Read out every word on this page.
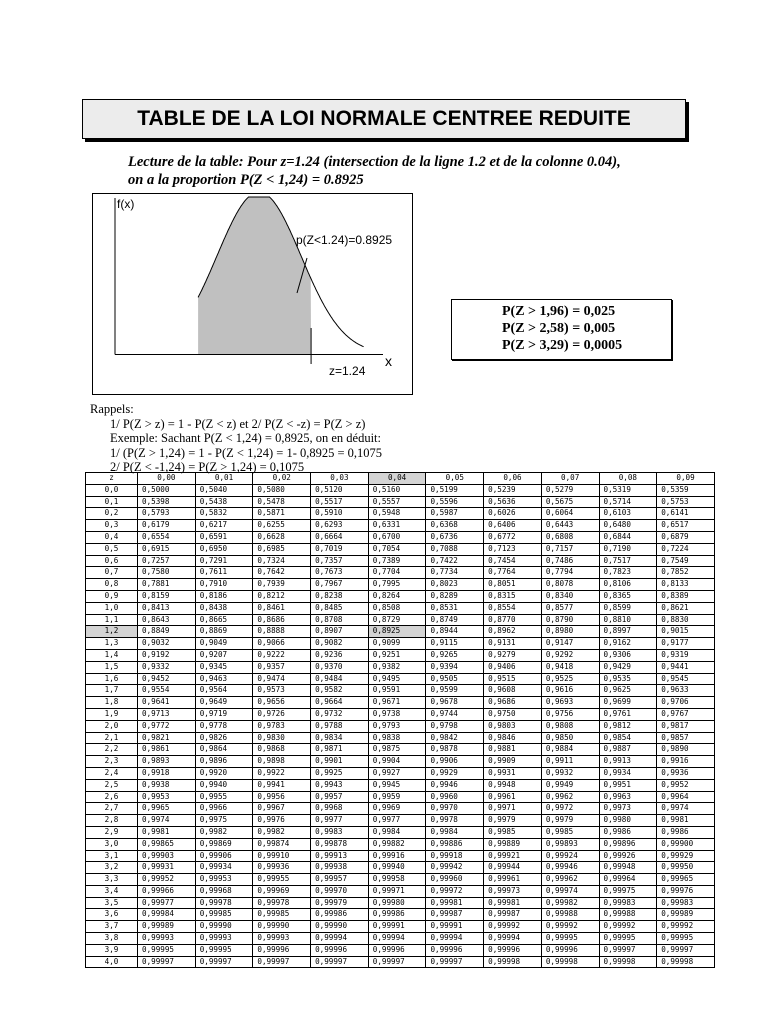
TABLE DE LA LOI NORMALE CENTREE REDUITE
Lecture de la table: Pour z=1.24 (intersection de la ligne 1.2 et de la colonne 0.04),
on a la proportion P(Z < 1,24) = 0.8925
f(x)
p(Z<1.24)=0.8925
z=1.24
x
P(Z > 1,96) = 0,025
P(Z > 2,58) = 0,005
P(Z > 3,29) = 0,0005
Rappels:
1/ P(Z > z) = 1 - P(Z < z) et 2/ P(Z < -z) = P(Z > z)
Exemple: Sachant P(Z < 1,24) = 0,8925, on en déduit:
1/ (P(Z > 1,24) = 1 - P(Z < 1,24) = 1- 0,8925 = 0,1075
2/ P(Z < -1,24) = P(Z > 1,24) = 0,1075
z	0,00	0,01	0,02	0,03	0,04	0,05	0,06	0,07	0,08	0,09
0,0	0,5000	0,5040	0,5080	0,5120	0,5160	0,5199	0,5239	0,5279	0,5319	0,5359
0,1	0,5398	0,5438	0,5478	0,5517	0,5557	0,5596	0,5636	0,5675	0,5714	0,5753
0,2	0,5793	0,5832	0,5871	0,5910	0,5948	0,5987	0,6026	0,6064	0,6103	0,6141
0,3	0,6179	0,6217	0,6255	0,6293	0,6331	0,6368	0,6406	0,6443	0,6480	0,6517
0,4	0,6554	0,6591	0,6628	0,6664	0,6700	0,6736	0,6772	0,6808	0,6844	0,6879
0,5	0,6915	0,6950	0,6985	0,7019	0,7054	0,7088	0,7123	0,7157	0,7190	0,7224
0,6	0,7257	0,7291	0,7324	0,7357	0,7389	0,7422	0,7454	0,7486	0,7517	0,7549
0,7	0,7580	0,7611	0,7642	0,7673	0,7704	0,7734	0,7764	0,7794	0,7823	0,7852
0,8	0,7881	0,7910	0,7939	0,7967	0,7995	0,8023	0,8051	0,8078	0,8106	0,8133
0,9	0,8159	0,8186	0,8212	0,8238	0,8264	0,8289	0,8315	0,8340	0,8365	0,8389
1,0	0,8413	0,8438	0,8461	0,8485	0,8508	0,8531	0,8554	0,8577	0,8599	0,8621
1,1	0,8643	0,8665	0,8686	0,8708	0,8729	0,8749	0,8770	0,8790	0,8810	0,8830
1,2	0,8849	0,8869	0,8888	0,8907	0,8925	0,8944	0,8962	0,8980	0,8997	0,9015
1,3	0,9032	0,9049	0,9066	0,9082	0,9099	0,9115	0,9131	0,9147	0,9162	0,9177
1,4	0,9192	0,9207	0,9222	0,9236	0,9251	0,9265	0,9279	0,9292	0,9306	0,9319
1,5	0,9332	0,9345	0,9357	0,9370	0,9382	0,9394	0,9406	0,9418	0,9429	0,9441
1,6	0,9452	0,9463	0,9474	0,9484	0,9495	0,9505	0,9515	0,9525	0,9535	0,9545
1,7	0,9554	0,9564	0,9573	0,9582	0,9591	0,9599	0,9608	0,9616	0,9625	0,9633
1,8	0,9641	0,9649	0,9656	0,9664	0,9671	0,9678	0,9686	0,9693	0,9699	0,9706
1,9	0,9713	0,9719	0,9726	0,9732	0,9738	0,9744	0,9750	0,9756	0,9761	0,9767
2,0	0,9772	0,9778	0,9783	0,9788	0,9793	0,9798	0,9803	0,9808	0,9812	0,9817
2,1	0,9821	0,9826	0,9830	0,9834	0,9838	0,9842	0,9846	0,9850	0,9854	0,9857
2,2	0,9861	0,9864	0,9868	0,9871	0,9875	0,9878	0,9881	0,9884	0,9887	0,9890
2,3	0,9893	0,9896	0,9898	0,9901	0,9904	0,9906	0,9909	0,9911	0,9913	0,9916
2,4	0,9918	0,9920	0,9922	0,9925	0,9927	0,9929	0,9931	0,9932	0,9934	0,9936
2,5	0,9938	0,9940	0,9941	0,9943	0,9945	0,9946	0,9948	0,9949	0,9951	0,9952
2,6	0,9953	0,9955	0,9956	0,9957	0,9959	0,9960	0,9961	0,9962	0,9963	0,9964
2,7	0,9965	0,9966	0,9967	0,9968	0,9969	0,9970	0,9971	0,9972	0,9973	0,9974
2,8	0,9974	0,9975	0,9976	0,9977	0,9977	0,9978	0,9979	0,9979	0,9980	0,9981
2,9	0,9981	0,9982	0,9982	0,9983	0,9984	0,9984	0,9985	0,9985	0,9986	0,9986
3,0	0,99865	0,99869	0,99874	0,99878	0,99882	0,99886	0,99889	0,99893	0,99896	0,99900
3,1	0,99903	0,99906	0,99910	0,99913	0,99916	0,99918	0,99921	0,99924	0,99926	0,99929
3,2	0,99931	0,99934	0,99936	0,99938	0,99940	0,99942	0,99944	0,99946	0,99948	0,99950
3,3	0,99952	0,99953	0,99955	0,99957	0,99958	0,99960	0,99961	0,99962	0,99964	0,99965
3,4	0,99966	0,99968	0,99969	0,99970	0,99971	0,99972	0,99973	0,99974	0,99975	0,99976
3,5	0,99977	0,99978	0,99978	0,99979	0,99980	0,99981	0,99981	0,99982	0,99983	0,99983
3,6	0,99984	0,99985	0,99985	0,99986	0,99986	0,99987	0,99987	0,99988	0,99988	0,99989
3,7	0,99989	0,99990	0,99990	0,99990	0,99991	0,99991	0,99992	0,99992	0,99992	0,99992
3,8	0,99993	0,99993	0,99993	0,99994	0,99994	0,99994	0,99994	0,99995	0,99995	0,99995
3,9	0,99995	0,99995	0,99996	0,99996	0,99996	0,99996	0,99996	0,99996	0,99997	0,99997
4,0	0,99997	0,99997	0,99997	0,99997	0,99997	0,99997	0,99998	0,99998	0,99998	0,99998
